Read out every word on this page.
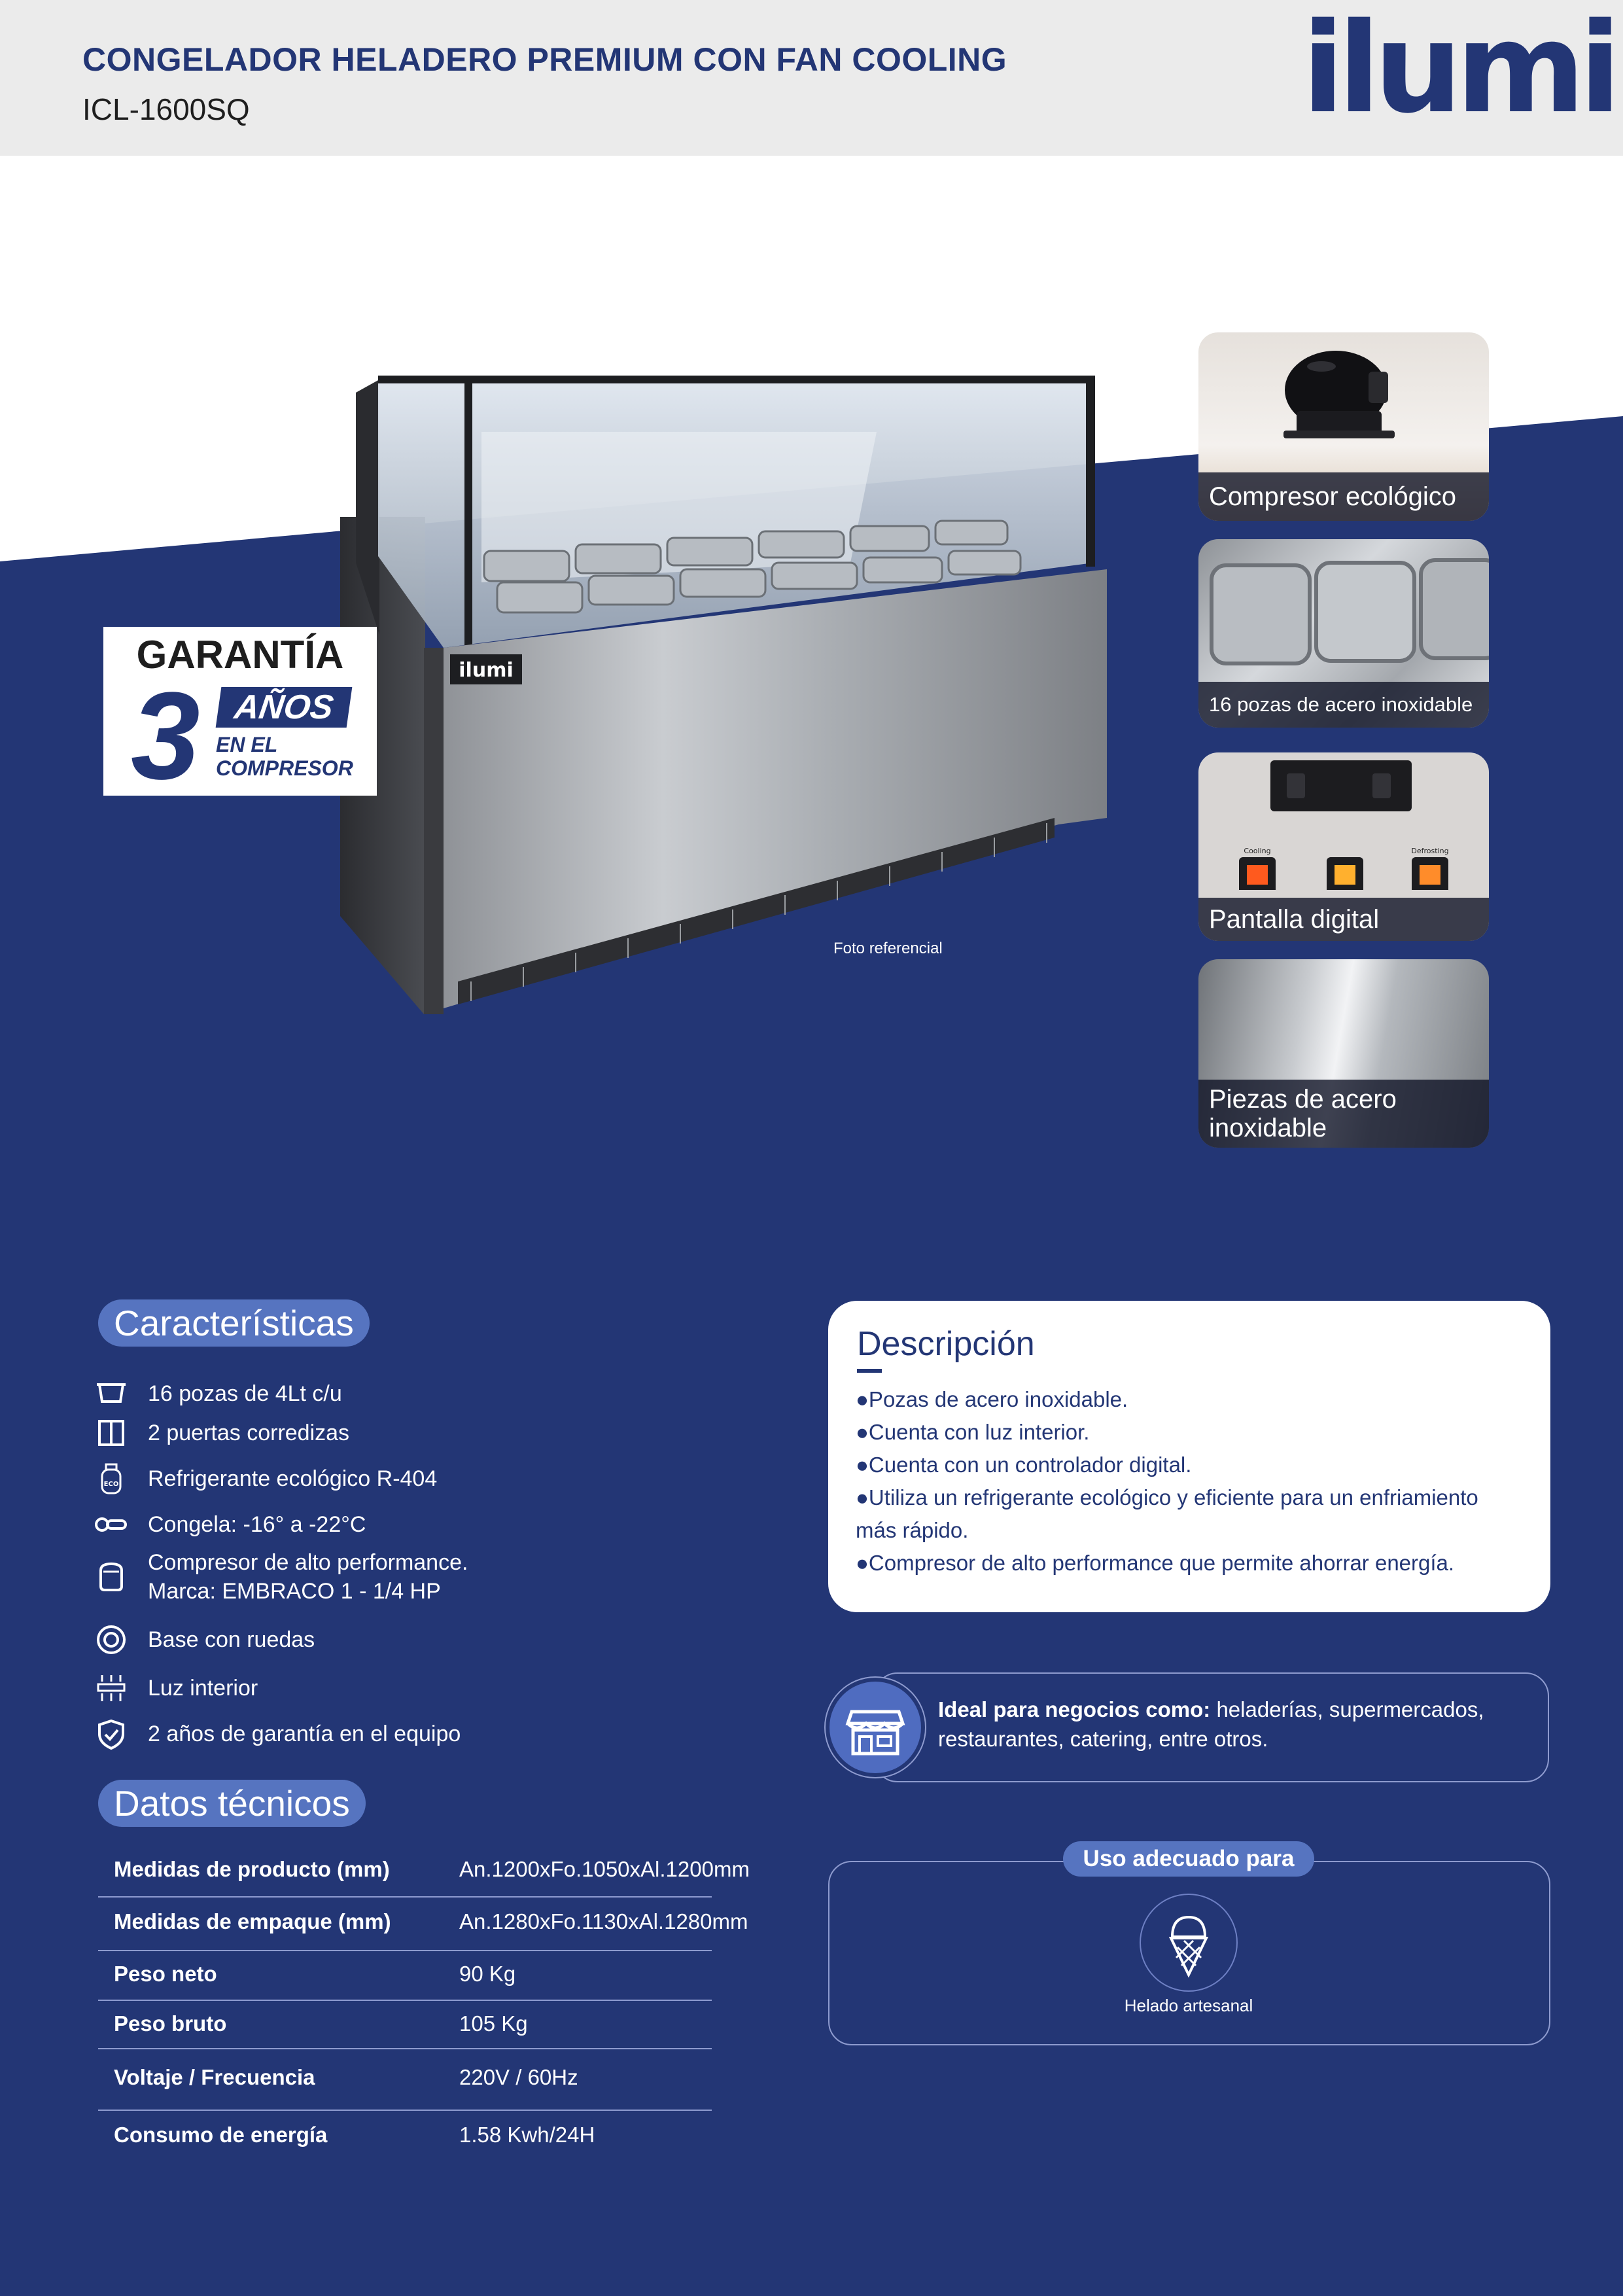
CONGELADOR HELADERO PREMIUM CON FAN COOLING
ICL-1600SQ	ilumi
ilumi
Foto referencial
GARANTÍA
3 AÑOS
EN EL
COMPRESOR
Compresor ecológico
16 pozas de acero inoxidable
Cooling	Defrosting
Pantalla digital
Piezas de acero
inoxidable
Características
16 pozas de 4Lt c/u
2 puertas corredizas
ECO Refrigerante ecológico R-404
Congela: -16° a -22°C
Compresor de alto performance.
Marca: EMBRACO 1 - 1/4 HP
Base con ruedas
Luz interior
2 años de garantía en el equipo
Datos técnicos
Medidas de producto (mm)	An.1200xFo.1050xAl.1200mm
Medidas de empaque (mm)	An.1280xFo.1130xAl.1280mm
Peso neto	90 Kg
Peso bruto	105 Kg
Voltaje / Frecuencia	220V / 60Hz
Consumo de energía	1.58 Kwh/24H
Descripción
●Pozas de acero inoxidable.
●Cuenta con luz interior.
●Cuenta con un controlador digital.
●Utiliza un refrigerante ecológico y eficiente para un enfriamiento
más rápido.
●Compresor de alto performance que permite ahorrar energía.
Ideal para negocios como: heladerías, supermercados,
restaurantes, catering, entre otros.
Uso adecuado para
Helado artesanal
